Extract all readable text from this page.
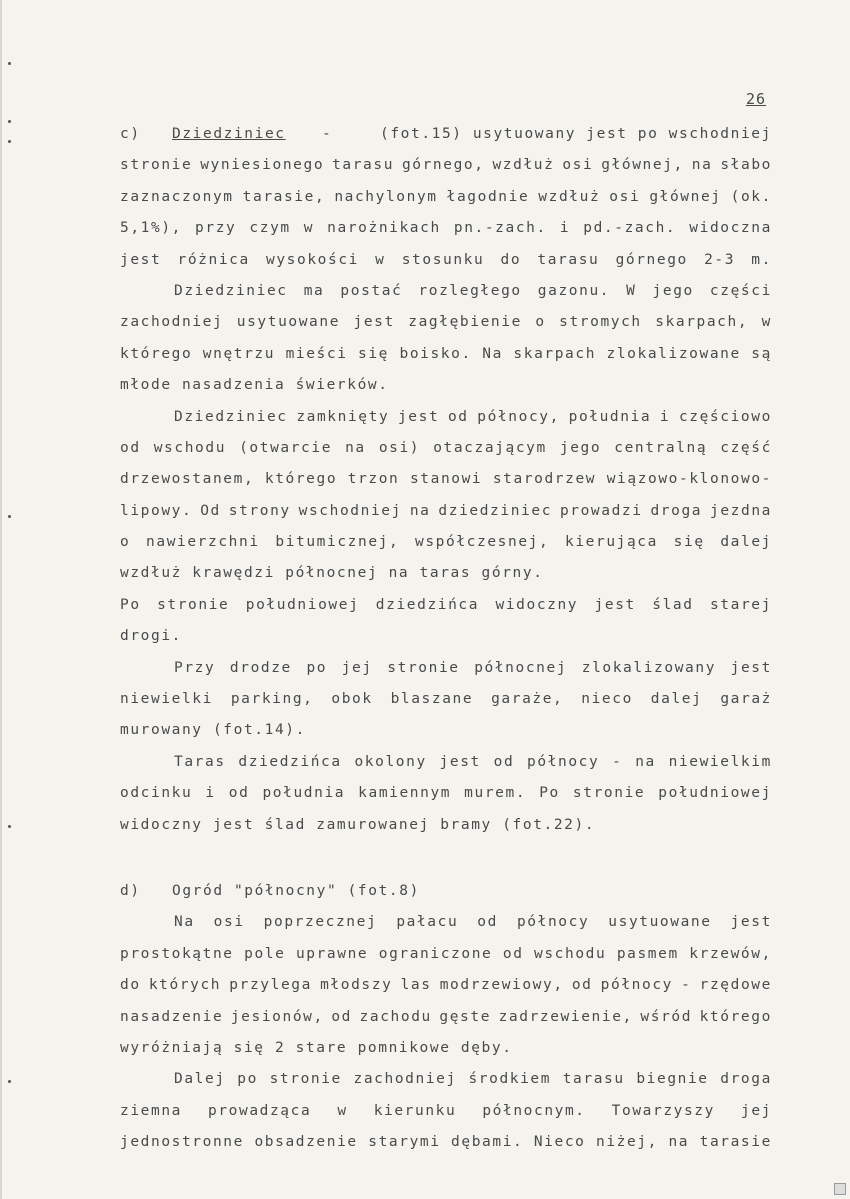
26
c)	Dziedziniec	-	(fot.15) usytuowany jest po wschodniej
stronie wyniesionego tarasu górnego, wzdłuż osi głównej, na słabo
zaznaczonym tarasie, nachylonym łagodnie wzdłuż osi głównej (ok.
5,1%), przy czym w narożnikach pn.-zach. i pd.-zach. widoczna
jest różnica wysokości w stosunku do tarasu górnego 2-3 m.
Dziedziniec ma postać rozległego gazonu. W jego części
zachodniej usytuowane jest zagłębienie o stromych skarpach, w
którego wnętrzu mieści się boisko. Na skarpach zlokalizowane są
młode nasadzenia świerków.
Dziedziniec zamknięty jest od północy, południa i częściowo
od wschodu (otwarcie na osi) otaczającym jego centralną część
drzewostanem, którego trzon stanowi starodrzew wiązowo-klonowo-
lipowy. Od strony wschodniej na dziedziniec prowadzi droga jezdna
o nawierzchni bitumicznej, współczesnej, kierująca się dalej
wzdłuż krawędzi północnej na taras górny.
Po stronie południowej dziedzińca widoczny jest ślad starej
drogi.
Przy drodze po jej stronie północnej zlokalizowany jest
niewielki parking, obok blaszane garaże, nieco dalej garaż
murowany (fot.14).
Taras dziedzińca okolony jest od północy - na niewielkim
odcinku i od południa kamiennym murem. Po stronie południowej
widoczny jest ślad zamurowanej bramy (fot.22).
d)	Ogród "północny" (fot.8)
Na osi poprzecznej pałacu od północy usytuowane jest
prostokątne pole uprawne ograniczone od wschodu pasmem krzewów,
do których przylega młodszy las modrzewiowy, od północy - rzędowe
nasadzenie jesionów, od zachodu gęste zadrzewienie, wśród którego
wyróżniają się 2 stare pomnikowe dęby.
Dalej po stronie zachodniej środkiem tarasu biegnie droga
ziemna prowadząca w kierunku północnym. Towarzyszy jej
jednostronne obsadzenie starymi dębami. Nieco niżej, na tarasie
